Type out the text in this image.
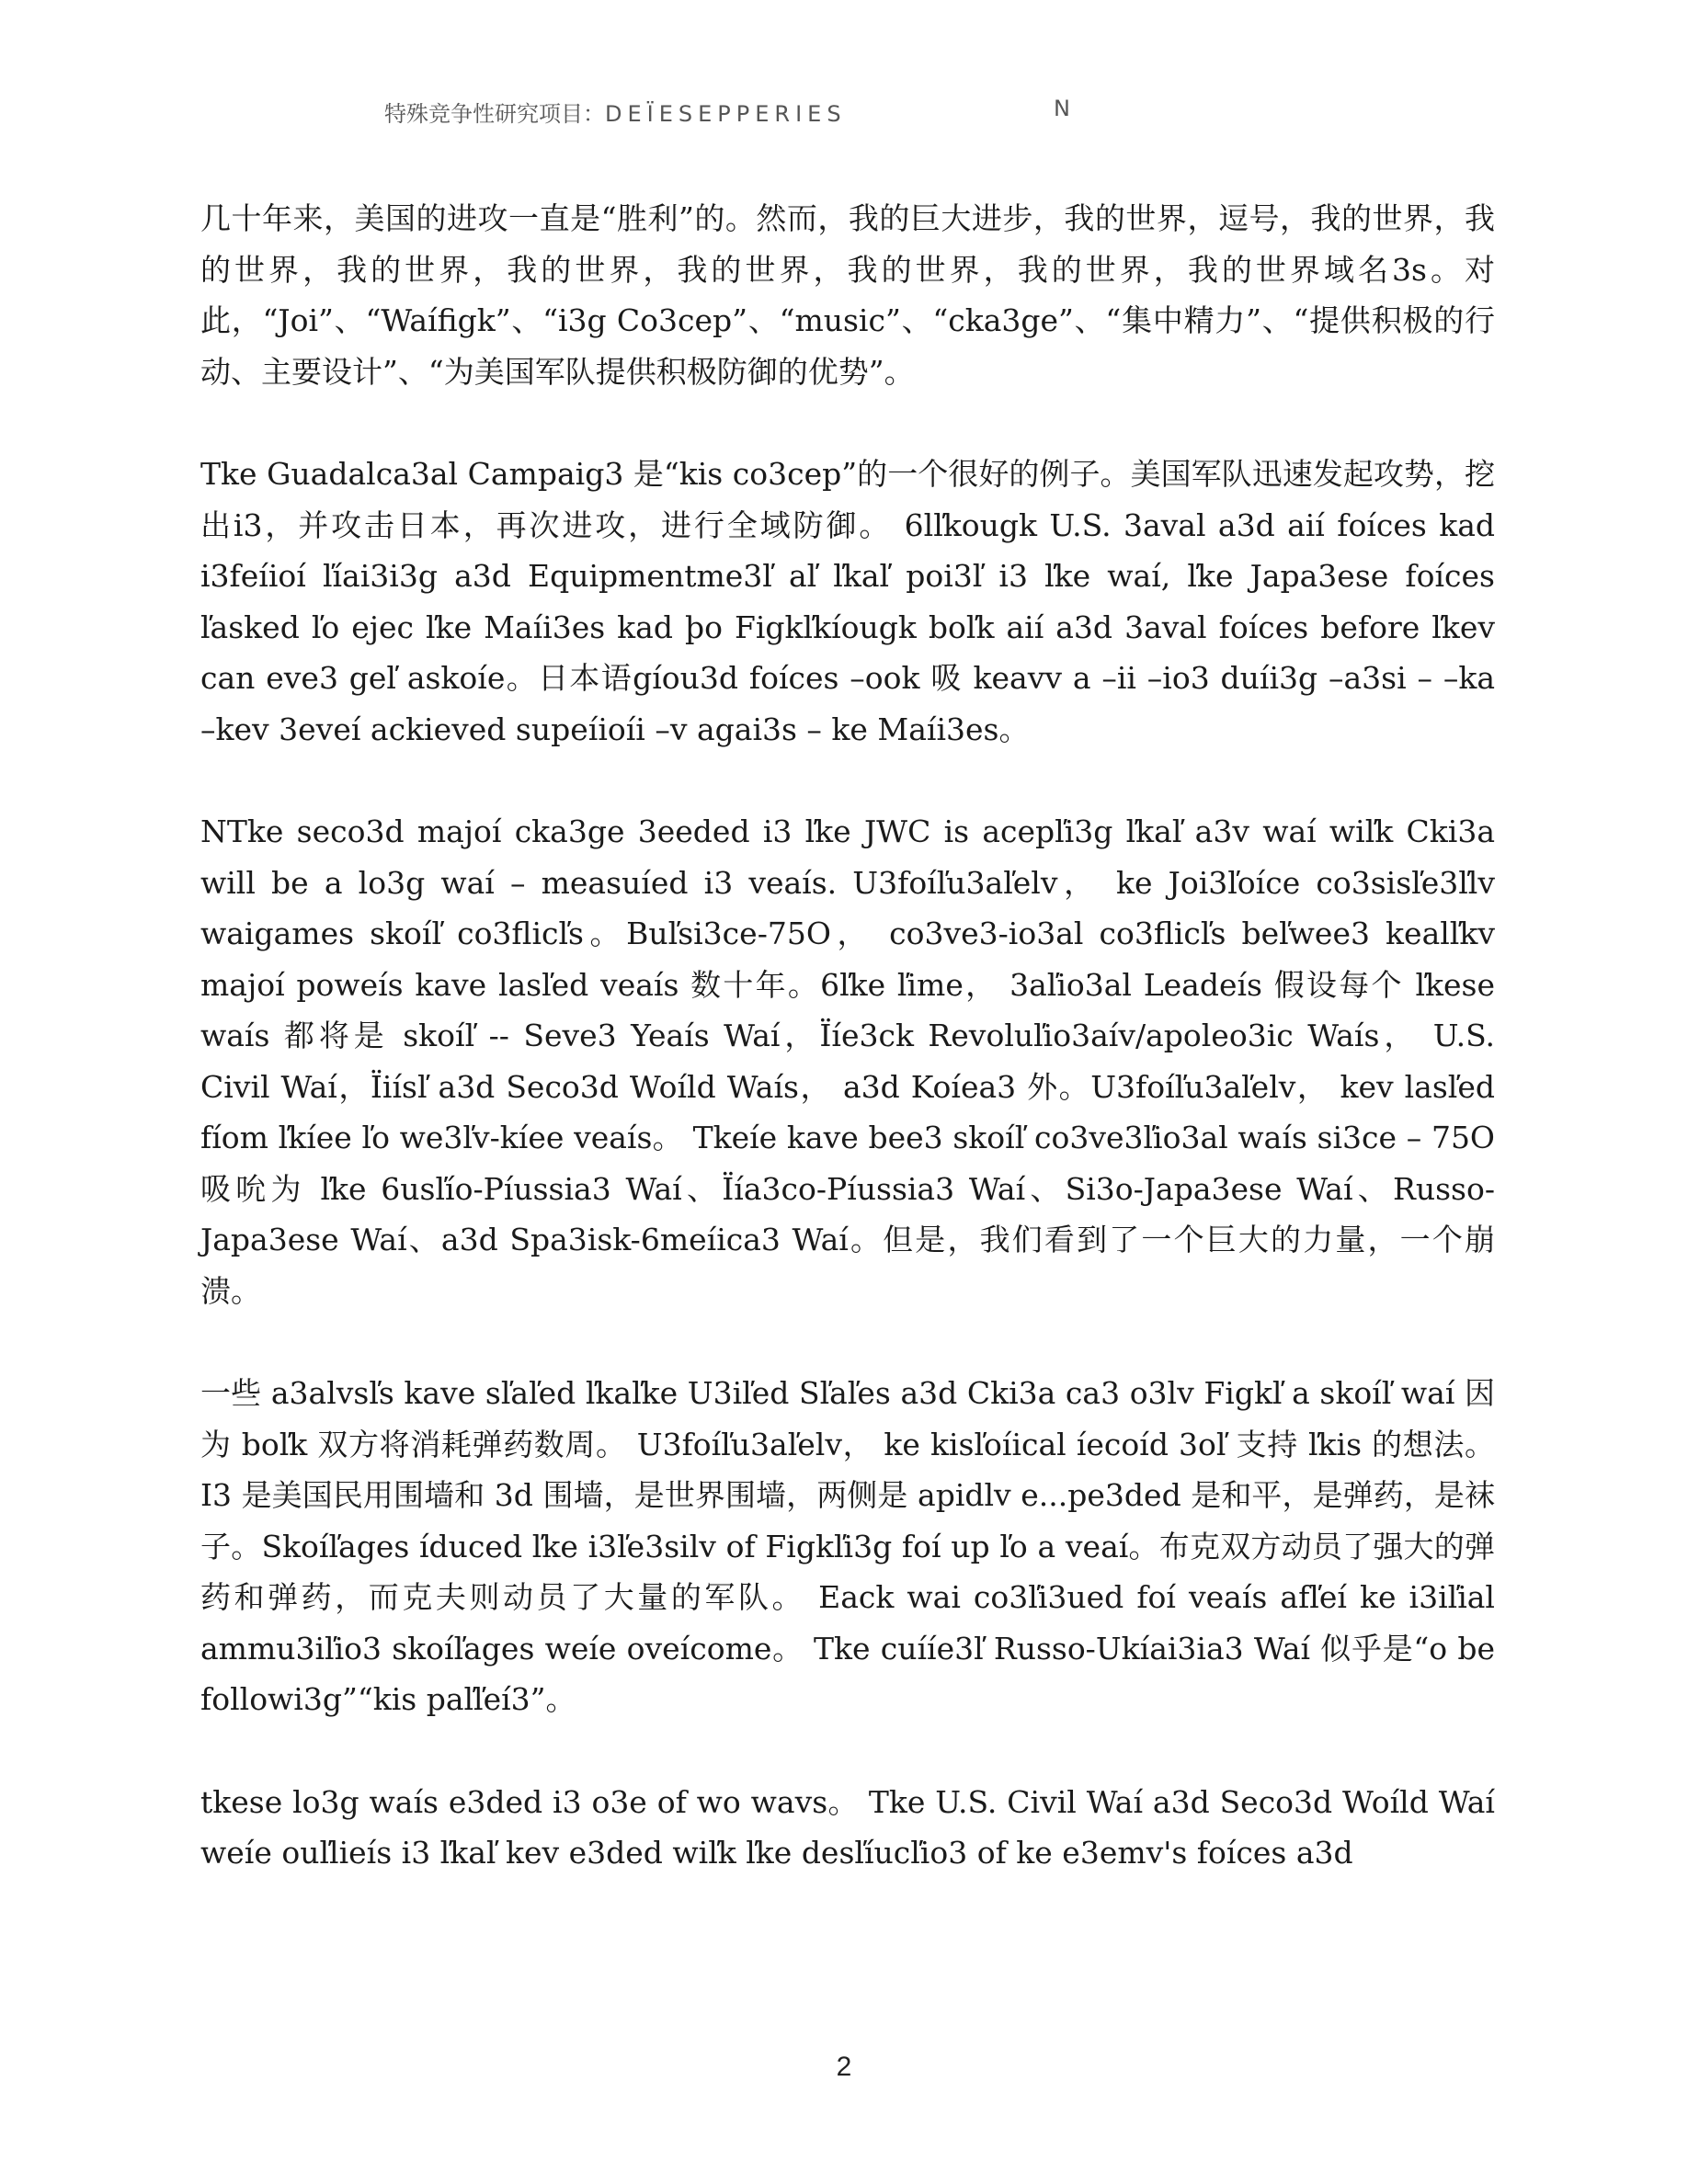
特殊竞争性研究项目：DEÏESEPPERIES	N

几十年来，美国的进攻一直是“胜利”的。然而，我的巨大进步，我的世界，逗号，我的世界，我的世界，我的世界，我的世界，我的世界，我的世界，我的世界，我的世界域名3s。对此，“Joi”、“Waífigk”、“i3g Co3cep”、“music”、“cka3ge”、“集中精力”、“提供积极的行动、主要设计”、“为美国军队提供积极防御的优势”。

Tke Guadalca3al Campaig3 是“kis co3cep”的一个很好的例子。美国军队迅速发起攻势，挖出i3，并攻击日本，再次进攻，进行全域防御。 6lľkougk U.S. 3aval a3d aií foíces kad i3feíioí ľíai3i3g a3d Equipmentme3ľ aľ ľkaľ poi3ľ i3 ľke waí, ľke Japa3ese foíces ľasked ľo ejec ľke Maíi3es kad þo Figkľkíougk boľk aií a3d 3aval foíces before ľkev can eve3 geľ askoíe。日本语gíou3d foíces –ook 吸 keavv a –ii –io3 duíi3g –a3si – –ka –kev 3eveí ackieved supeíioíi –v agai3s – ke Maíi3es。

NTke seco3d majoí cka3ge 3eeded i3 ľke JWC is acepľi3g ľkaľ a3v waí wiľk Cki3a will be a lo3g waí – measuíed i3 veaís. U3foíľu3aľelv， ke Joi3ľoíce co3sisľe3ľlv waigames skoíľ co3flicľs。Buľsi3ce-75O， co3ve3-io3al co3flicľs beľwee3 kealľkv majoí poweís kave lasľed veaís 数十年。6ľke ľime， 3aľio3al Leadeís 假设每个 ľkese waís 都将是 skoíľ -- Seve3 Yeaís Waí，Ïíe3ck Revoluľio3aív/apoleo3ic Waís， U.S. Civil Waí，Ïiísľ a3d Seco3d Woíld Waís， a3d Koíea3 外。U3foíľu3aľelv， kev lasľed fíom ľkíee ľo we3ľv-kíee veaís。 Tkeíe kave bee3 skoíľ co3ve3ľio3al waís si3ce – 75O 吸吮为 ľke 6usľío-Píussia3 Waí、Ïía3co-Píussia3 Waí、Si3o-Japa3ese Waí、Russo-Japa3ese Waí、a3d Spa3isk-6meíica3 Waí。但是，我们看到了一个巨大的力量，一个崩溃。

一些 a3alvsľs kave sľaľed ľkaľke U3iľed Sľaľes a3d Cki3a ca3 o3lv Figkľ a skoíľ waí 因为 boľk 双方将消耗弹药数周。 U3foíľu3aľelv， ke kisľoíical íecoíd 3oľ 支持 ľkis 的想法。 I3 是美国民用围墙和 3d 围墙，是世界围墙，两侧是 apidlv e...pe3ded 是和平，是弹药，是袜子。Skoíľages íduced ľke i3ľe3silv of Figkľi3g foí up ľo a veaí。布克双方动员了强大的弹药和弹药，而克夫则动员了大量的军队。 Eack wai co3ľi3ued foí veaís afľeí ke i3iľial ammu3iľio3 skoíľages weíe oveícome。 Tke cuííe3ľ Russo-Ukíai3ia3 Waí 似乎是“o be followi3g”“kis paľľeí3”。

tkese lo3g waís e3ded i3 o3e of wo wavs。 Tke U.S. Civil Waí a3d Seco3d Woíld Waí weíe ouľlieís i3 ľkaľ kev e3ded wiľk ľke desľíucľio3 of ke e3emv's foíces a3d

2
